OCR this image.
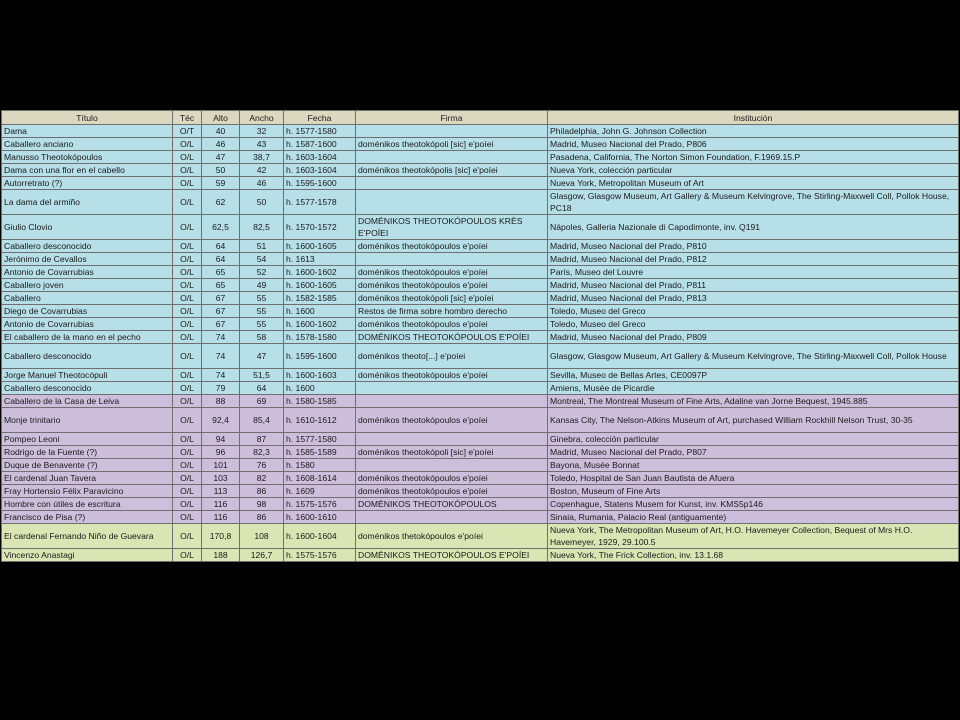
Título	Téc	Alto	Ancho	Fecha	Firma	Institución
Dama	O/T	40	32	h. 1577-1580		Philadelphia, John G. Johnson Collection
Caballero anciano	O/L	46	43	h. 1587-1600	doménikos theotokópoli [sic] e'poíei	Madrid, Museo Nacional del Prado, P806
Manusso Theotokópoulos	O/L	47	38,7	h. 1603-1604		Pasadena, California, The Norton Simon Foundation, F.1969.15.P
Dama con una flor en el cabello	O/L	50	42	h. 1603-1604	doménikos theotokópolis [sic] e'poíei	Nueva York, colección particular
Autorretrato (?)	O/L	59	46	h. 1595-1600		Nueva York, Metropolitan Museum of Art
La dama del armiño	O/L	62	50	h. 1577-1578		Glasgow, Glasgow Museum, Art Gallery & Museum Kelvingrove, The Stirling-Maxwell Coll, Pollok House, PC18
Giulio Clovio	O/L	62,5	82,5	h. 1570-1572	DOMÉNIKOS THEOTOKÓPOULOS KRÈS E'POÍEI	Nápoles, Galleria Nazionale di Capodimonte, inv. Q191
Caballero desconocido	O/L	64	51	h. 1600-1605	doménikos theotokópoulos e'poíei	Madrid, Museo Nacional del Prado, P810
Jerónimo de Cevallos	O/L	64	54	h. 1613		Madrid, Museo Nacional del Prado, P812
Antonio de Covarrubias	O/L	65	52	h. 1600-1602	doménikos theotokópoulos e'poíei	París, Museo del Louvre
Caballero joven	O/L	65	49	h. 1600-1605	doménikos theotokópoulos e'poíei	Madrid, Museo Nacional del Prado, P811
Caballero	O/L	67	55	h. 1582-1585	doménikos theotokópoli [sic] e'poíei	Madrid, Museo Nacional del Prado, P813
Diego de Covarrubias	O/L	67	55	h. 1600	Restos de firma sobre hombro derecho	Toledo, Museo del Greco
Antonio de Covarrubias	O/L	67	55	h. 1600-1602	doménikos theotokópoulos e'poíei	Toledo, Museo del Greco
El caballero de la mano en el pecho	O/L	74	58	h. 1578-1580	DOMÉNIKOS THEOTOKÓPOULOS E'POÍEI	Madrid, Museo Nacional del Prado, P809
Caballero desconocido	O/L	74	47	h. 1595-1600	doménikos theoto[...] e'poíei	Glasgow, Glasgow Museum, Art Gallery & Museum Kelvingrove, The Stirling-Maxwell Coll, Pollok House
Jorge Manuel Theotocópuli	O/L	74	51,5	h. 1600-1603	doménikos theotokópoulos e'poíei	Sevilla, Museo de Bellas Artes, CE0097P
Caballero desconocido	O/L	79	64	h. 1600		Amiens, Musée de Picardie
Caballero de la Casa de Leiva	O/L	88	69	h. 1580-1585		Montreal, The Montreal Museum of Fine Arts, Adaline van Jorne Bequest, 1945.885
Monje trinitario	O/L	92,4	85,4	h. 1610-1612	doménikos theotokópoulos e'poíei	Kansas City, The Nelson-Atkins Museum of Art, purchased William Rockhill Nelson Trust, 30-35
Pompeo Leoni	O/L	94	87	h. 1577-1580		Ginebra, colección particular
Rodrigo de la Fuente (?)	O/L	96	82,3	h. 1585-1589	doménikos theotokópoli [sic] e'poíei	Madrid, Museo Nacional del Prado, P807
Duque de Benavente (?)	O/L	101	76	h. 1580		Bayona, Musée Bonnat
El cardenal Juan Tavera	O/L	103	82	h. 1608-1614	doménikos theotokópoulos e'poíei	Toledo, Hospital de San Juan Bautista de Afuera
Fray Hortensio Félix Paravicino	O/L	113	86	h. 1609	doménikos theotokópoulos e'poíei	Boston, Museum of Fine Arts
Hombre con útiles de escritura	O/L	116	98	h. 1575-1576	DOMÉNIKOS THEOTOKÓPOULOS	Copenhague, Statens Musem for Kunst, inv. KMS5p146
Francisco de Pisa (?)	O/L	116	86	h. 1600-1610		Sinaia, Rumania, Palacio Real (antiguamente)
El cardenal Fernando Niño de Guevara	O/L	170,8	108	h. 1600-1604	doménikos thetokópoulos e'poíei	Nueva York, The Metropolitan Museum of Art, H.O. Havemeyer Collection, Bequest of Mrs H.O. Havemeyer, 1929, 29.100.5
Vincenzo Anastagi	O/L	188	126,7	h. 1575-1576	DOMÉNIKOS THEOTOKÓPOULOS E'POÍEI	Nueva York, The Frick Collection, inv. 13.1.68
